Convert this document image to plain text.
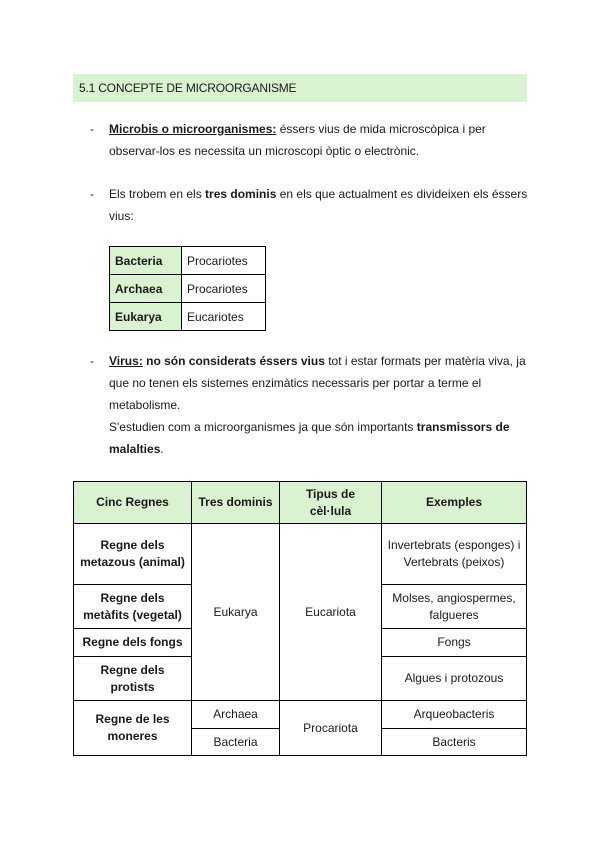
5.1 CONCEPTE DE MICROORGANISME
- Microbis o microorganismes: éssers vius de mida microscòpica i per observar-los es necessita un microscopi òptic o electrònic.

- Els trobem en els tres dominis en els que actualment es divideixen els éssers vius:

Bacteria	Procariotes
Archaea	Procariotes
Eukarya	Eucariotes
- Virus: no són considerats éssers vius tot i estar formats per matèria viva, ja que no tenen els sistemes enzimàtics necessaris per portar a terme el metabolisme.

S'estudien com a microorganismes ja que són importants transmissors de malalties.

Cinc Regnes	Tres dominis	Tipus de cèl·lula	Exemples
Regne dels metazous (animal)	Eukarya	Eucariota	Invertebrats (esponges) i Vertebrats (peixos)
Regne dels metàfits (vegetal)			Molses, angiospermes, falgueres
Regne dels fongs			Fongs
Regne dels protists			Algues i protozous
Regne de les moneres	Archaea	Procariota	Arqueobacteris
	Bacteria		Bacteris
